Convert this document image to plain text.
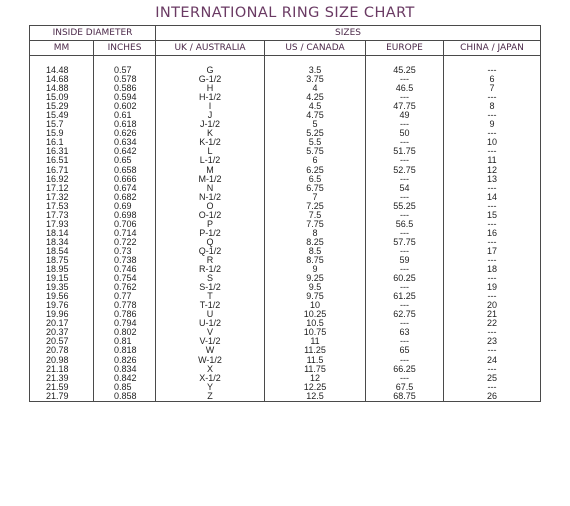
INTERNATIONAL RING SIZE CHART
INSIDE DIAMETER		SIZES			
MM	INCHES	UK / AUSTRALIA	US / CANADA	EUROPE	CHINA / JAPAN

14.48	0.57	G	3.5	45.25	---
14.68	0.578	G-1/2	3.75	---	6
14.88	0.586	H	4	46.5	7
15.09	0.594	H-1/2	4.25	---	---
15.29	0.602	I	4.5	47.75	8
15.49	0.61	J	4.75	49	---
15.7	0.618	J-1/2	5	---	9
15.9	0.626	K	5.25	50	---
16.1	0.634	K-1/2	5.5	---	10
16.31	0.642	L	5.75	51.75	---
16.51	0.65	L-1/2	6	---	11
16.71	0.658	M	6.25	52.75	12
16.92	0.666	M-1/2	6.5	---	13
17.12	0.674	N	6.75	54	---
17.32	0.682	N-1/2	7	---	14
17.53	0.69	O	7.25	55.25	---
17.73	0.698	O-1/2	7.5	---	15
17.93	0.706	P	7.75	56.5	---
18.14	0.714	P-1/2	8	---	16
18.34	0.722	Q	8.25	57.75	---
18.54	0.73	Q-1/2	8.5	---	17
18.75	0.738	R	8.75	59	---
18.95	0.746	R-1/2	9	---	18
19.15	0.754	S	9.25	60.25	---
19.35	0.762	S-1/2	9.5	---	19
19.56	0.77	T	9.75	61.25	---
19.76	0.778	T-1/2	10	---	20
19.96	0.786	U	10.25	62.75	21
20.17	0.794	U-1/2	10.5	---	22
20.37	0.802	V	10.75	63	---
20.57	0.81	V-1/2	11	---	23
20.78	0.818	W	11.25	65	---
20.98	0.826	W-1/2	11.5	---	24
21.18	0.834	X	11.75	66.25	---
21.39	0.842	X-1/2	12	---	25
21.59	0.85	Y	12.25	67.5	---
21.79	0.858	Z	12.5	68.75	26
